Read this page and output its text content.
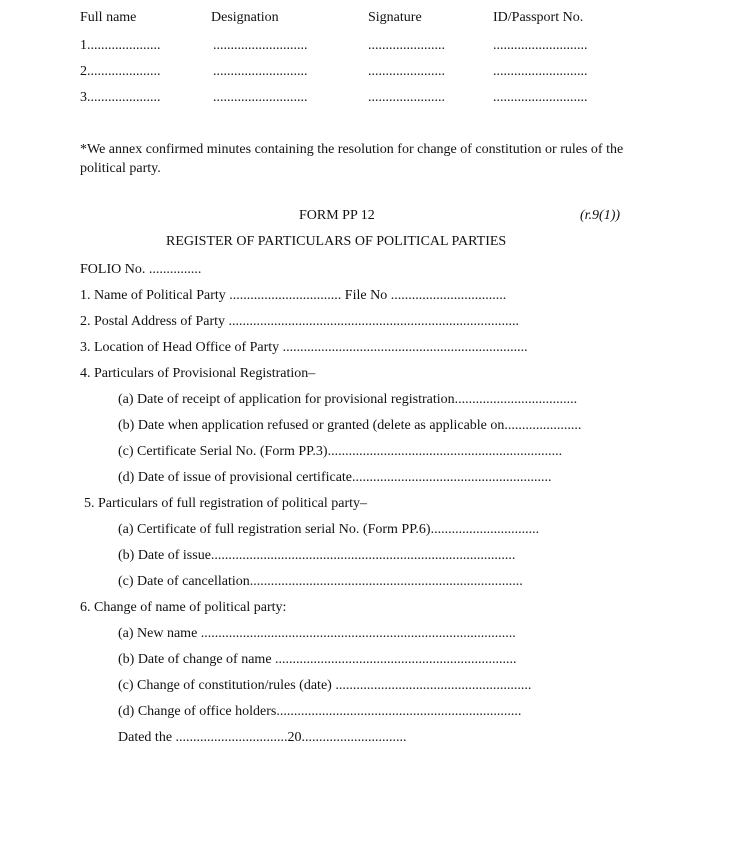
Full name	Designation	Signature	ID/Passport No.
1.....................	...........................	......................	...........................
2.....................	...........................	......................	...........................
3.....................	...........................	......................	...........................
*We annex confirmed minutes containing the resolution for change of constitution or rules of the political party.
FORM PP 12	(r.9(1))
REGISTER OF PARTICULARS OF POLITICAL PARTIES
FOLIO No. ...............
1. Name of Political Party ................................ File No .................................
2. Postal Address of Party ...................................................................................
3. Location of Head Office of Party ......................................................................
4. Particulars of Provisional Registration–
(a) Date of receipt of application for provisional registration...................................
(b) Date when application refused or granted (delete as applicable on......................
(c) Certificate Serial No. (Form PP.3)...................................................................
(d) Date of issue of provisional certificate.........................................................
5. Particulars of full registration of political party–
(a) Certificate of full registration serial No. (Form PP.6)...............................
(b) Date of issue.......................................................................................
(c) Date of cancellation..............................................................................
6. Change of name of political party:
(a) New name ..........................................................................................
(b) Date of change of name .....................................................................
(c) Change of constitution/rules (date) ........................................................
(d) Change of office holders......................................................................
Dated the ................................20..............................
